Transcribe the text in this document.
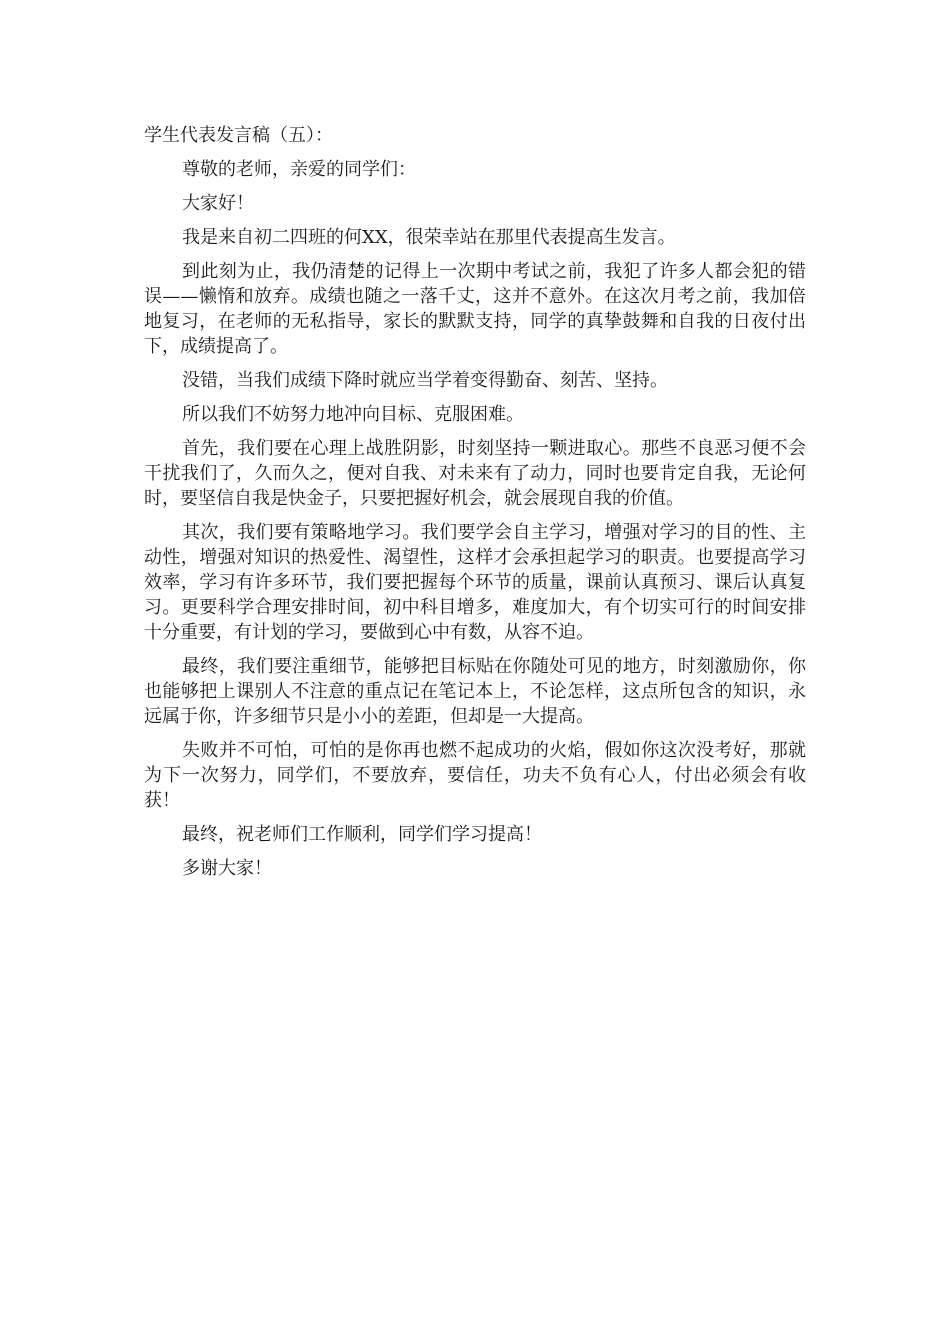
学生代表发言稿（五）：

尊敬的老师，亲爱的同学们：

大家好！

我是来自初二四班的何XX，很荣幸站在那里代表提高生发言。

到此刻为止，我仍清楚的记得上一次期中考试之前，我犯了许多人都会犯的错误——懒惰和放弃。成绩也随之一落千丈，这并不意外。在这次月考之前，我加倍地复习，在老师的无私指导，家长的默默支持，同学的真挚鼓舞和自我的日夜付出下，成绩提高了。

没错，当我们成绩下降时就应当学着变得勤奋、刻苦、坚持。

所以我们不妨努力地冲向目标、克服困难。

首先，我们要在心理上战胜阴影，时刻坚持一颗进取心。那些不良恶习便不会干扰我们了，久而久之，便对自我、对未来有了动力，同时也要肯定自我，无论何时，要坚信自我是快金子，只要把握好机会，就会展现自我的价值。

其次，我们要有策略地学习。我们要学会自主学习，增强对学习的目的性、主动性，增强对知识的热爱性、渴望性，这样才会承担起学习的职责。也要提高学习效率，学习有许多环节，我们要把握每个环节的质量，课前认真预习、课后认真复习。更要科学合理安排时间，初中科目增多，难度加大，有个切实可行的时间安排十分重要，有计划的学习，要做到心中有数，从容不迫。

最终，我们要注重细节，能够把目标贴在你随处可见的地方，时刻激励你，你也能够把上课别人不注意的重点记在笔记本上，不论怎样，这点所包含的知识，永远属于你，许多细节只是小小的差距，但却是一大提高。

失败并不可怕，可怕的是你再也燃不起成功的火焰，假如你这次没考好，那就为下一次努力，同学们，不要放弃，要信任，功夫不负有心人，付出必须会有收获！

最终，祝老师们工作顺利，同学们学习提高！

多谢大家！
